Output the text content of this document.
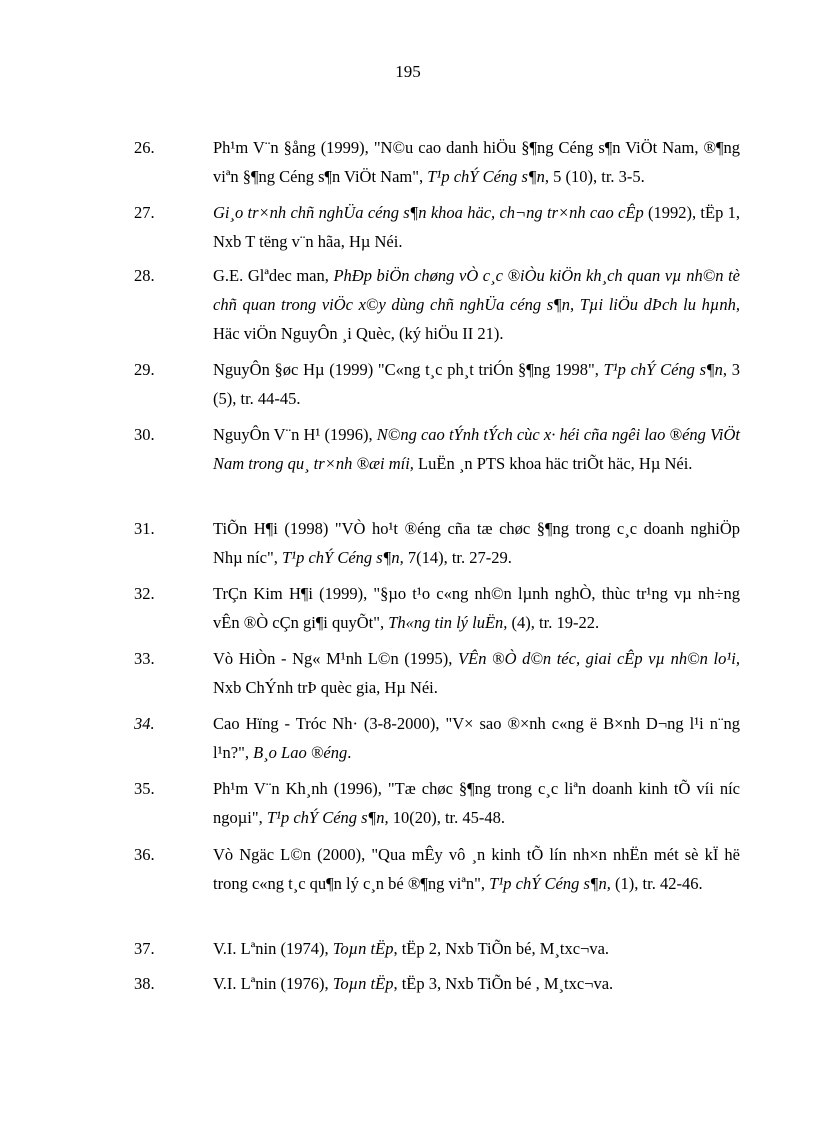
195
26.	Ph¹m V¨n §ång (1999), "N©u cao danh hiÖu §¶ng Céng s¶n ViÖt Nam, ®¶ng viªn §¶ng Céng s¶n ViÖt Nam", T¹p chÝ Céng s¶n, 5 (10), tr. 3-5.
27.	Gi¸o tr×nh chñ nghÜa céng s¶n khoa häc, ch¬ng tr×nh cao cÊp (1992), tËp 1, Nxb T tëng v¨n hãa, Hµ Néi.
28.	G.E. Glªdec man, PhÐp biÖn chøng vÒ c¸c ®iÒu kiÖn kh¸ch quan vµ nh©n tè chñ quan trong viÖc x©y dùng chñ nghÜa céng s¶n, Tµi liÖu dÞch lu hµnh, Häc viÖn NguyÔn ¸i Quèc, (ký hiÖu II 21).
29.	NguyÔn §øc Hµ (1999) "C«ng t¸c ph¸t triÓn §¶ng 1998", T¹p chÝ Céng s¶n, 3 (5), tr. 44-45.
30.	NguyÔn V¨n H¹ (1996), N©ng cao tÝnh tÝch cùc x· héi cña ngêi lao ®éng ViÖt Nam trong qu¸ tr×nh ®æi míi, LuËn ¸n PTS khoa häc triÕt häc, Hµ Néi.
31.	TiÕn H¶i (1998) "VÒ ho¹t ®éng cña tæ chøc §¶ng trong c¸c doanh nghiÖp Nhµ níc", T¹p chÝ Céng s¶n, 7(14), tr. 27-29.
32.	TrÇn Kim H¶i (1999), "§µo t¹o c«ng nh©n lµnh nghÒ, thùc tr¹ng vµ nh÷ng vÊn ®Ò cÇn gi¶i quyÕt", Th«ng tin lý luËn, (4), tr. 19-22.
33.	Vò HiÒn - Ng« M¹nh L©n (1995), VÊn ®Ò d©n téc, giai cÊp vµ nh©n lo¹i, Nxb ChÝnh trÞ quèc gia, Hµ Néi.
34.	Cao Hïng - Tróc Nh· (3-8-2000), "V× sao ®×nh c«ng ë B×nh D¬ng l¹i n¨ng l¹n?", B¸o Lao ®éng.
35.	Ph¹m V¨n Kh¸nh (1996), "Tæ chøc §¶ng trong c¸c liªn doanh kinh tÕ víi níc ngoµi", T¹p chÝ Céng s¶n, 10(20), tr. 45-48.
36.	Vò Ngäc L©n (2000), "Qua mÊy vô ¸n kinh tÕ lín nh×n nhËn mét sè kÏ hë trong c«ng t¸c qu¶n lý c¸n bé ®¶ng viªn", T¹p chÝ Céng s¶n, (1), tr. 42-46.
37.	V.I. Lªnin (1974), Toµn tËp, tËp 2, Nxb TiÕn bé, M¸txc¬va.
38.	V.I. Lªnin (1976), Toµn tËp, tËp 3, Nxb TiÕn bé , M¸txc¬va.
